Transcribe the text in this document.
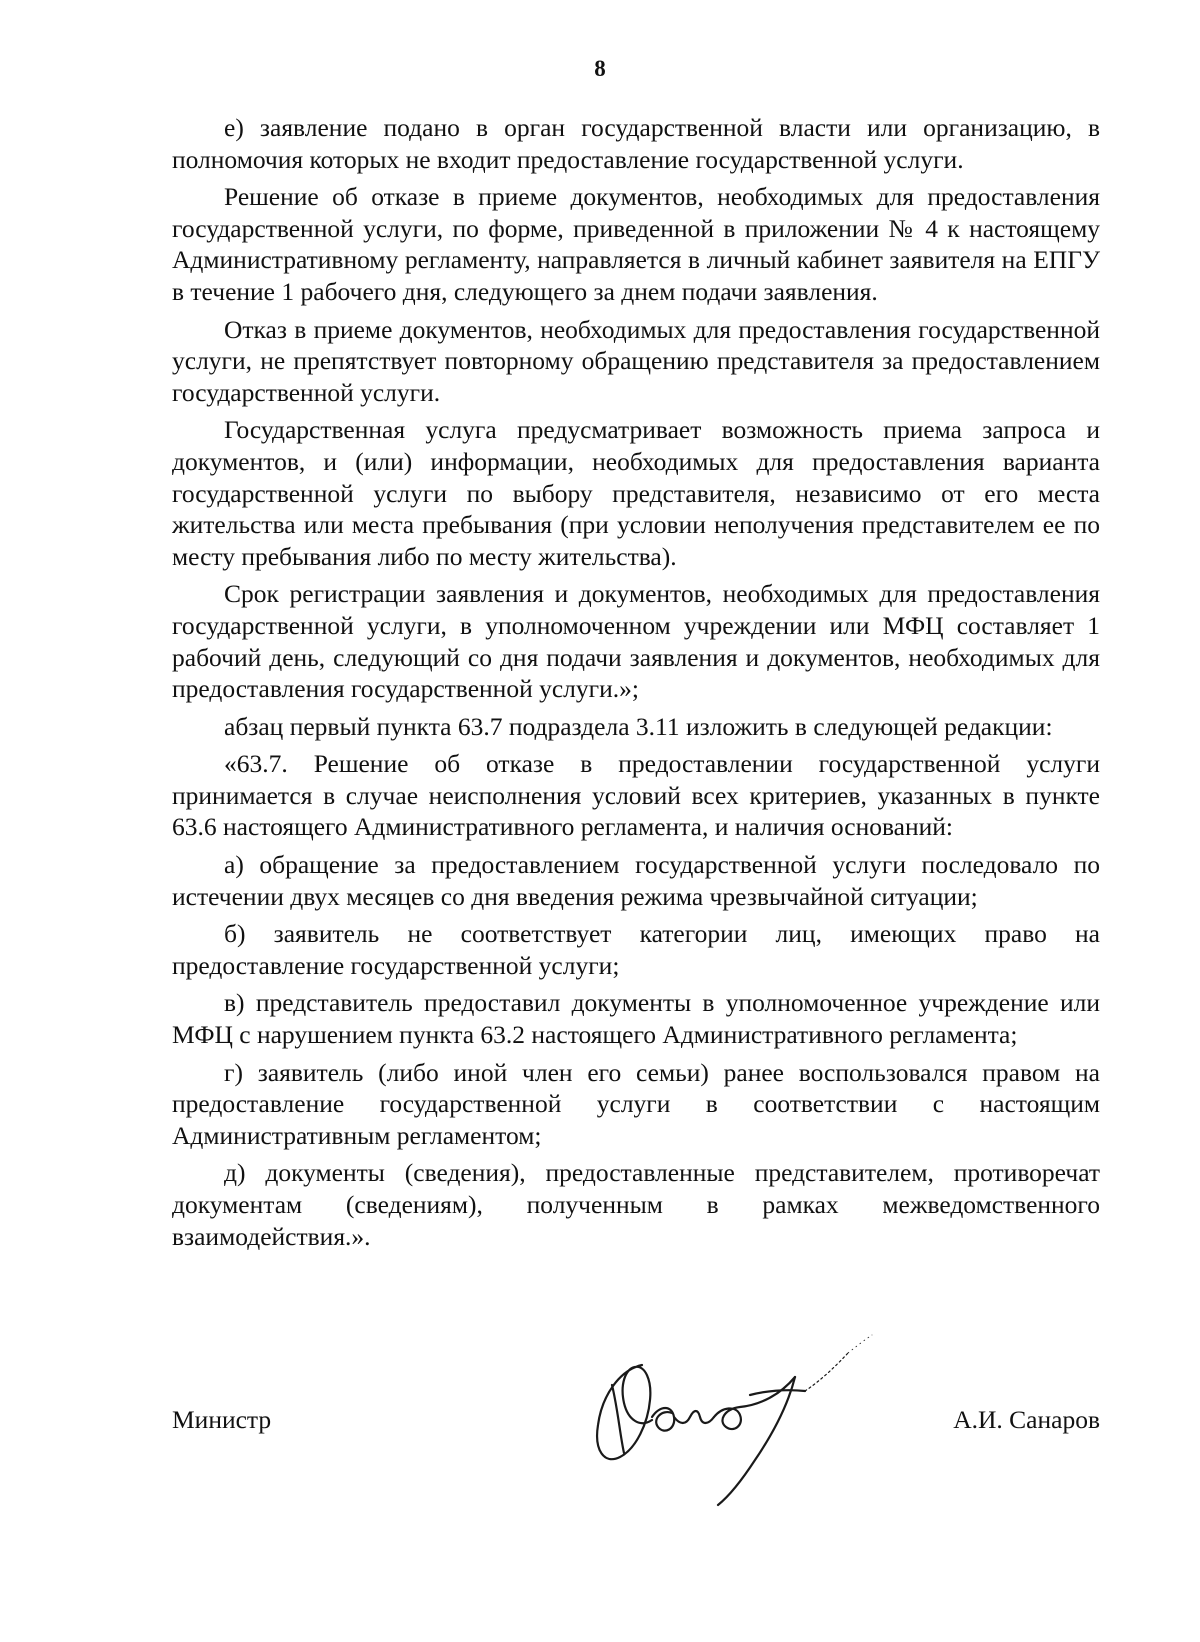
8

е) заявление подано в орган государственной власти или организацию, в полномочия которых не входит предоставление государственной услуги.

Решение об отказе в приеме документов, необходимых для предоставления государственной услуги, по форме, приведенной в приложении № 4 к настоящему Административному регламенту, направляется в личный кабинет заявителя на ЕПГУ в течение 1 рабочего дня, следующего за днем подачи заявления.

Отказ в приеме документов, необходимых для предоставления государственной услуги, не препятствует повторному обращению представителя за предоставлением государственной услуги.

Государственная услуга предусматривает возможность приема запроса и документов, и (или) информации, необходимых для предоставления варианта государственной услуги по выбору представителя, независимо от его места жительства или места пребывания (при условии неполучения представителем ее по месту пребывания либо по месту жительства).

Срок регистрации заявления и документов, необходимых для предоставления государственной услуги, в уполномоченном учреждении или МФЦ составляет 1 рабочий день, следующий со дня подачи заявления и документов, необходимых для предоставления государственной услуги.»;

абзац первый пункта 63.7 подраздела 3.11 изложить в следующей редакции:

«63.7. Решение об отказе в предоставлении государственной услуги принимается в случае неисполнения условий всех критериев, указанных в пункте 63.6 настоящего Административного регламента, и наличия оснований:

а) обращение за предоставлением государственной услуги последовало по истечении двух месяцев со дня введения режима чрезвычайной ситуации;

б) заявитель не соответствует категории лиц, имеющих право на предоставление государственной услуги;

в) представитель предоставил документы в уполномоченное учреждение или МФЦ с нарушением пункта 63.2 настоящего Административного регламента;

г) заявитель (либо иной член его семьи) ранее воспользовался правом на предоставление государственной услуги в соответствии с настоящим Административным регламентом;

д) документы (сведения), предоставленные представителем, противоречат документам (сведениям), полученным в рамках межведомственного взаимодействия.».

Министр	А.И. Санаров
